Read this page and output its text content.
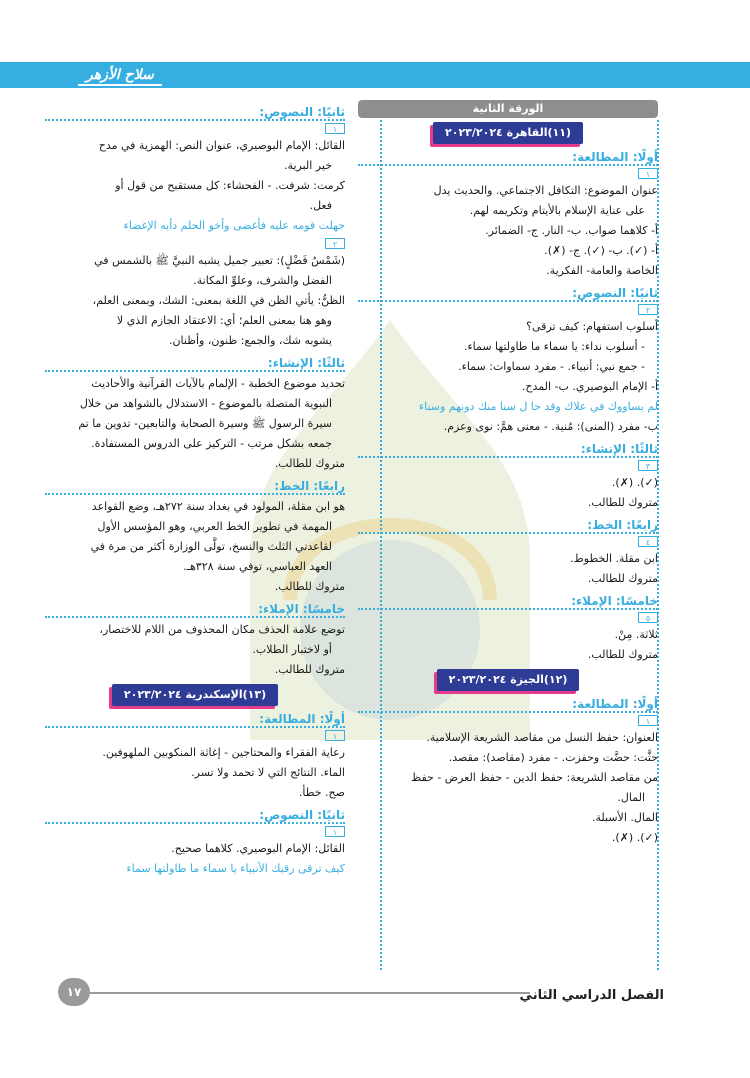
سلاح الأزهر
الورقة الثانية
(١١)القاهرة ٢٠٢٣/٢٠٢٤
أولًا: المطالعة:
١
عنوان الموضوع: التكافل الاجتماعي. والحديث يدل
على عناية الإسلام بالأيتام وتكريمه لهم.
أ- كلاهما صواب. ب- النار. ج- الضمائر.
أ- (✓). ب- (✓). ج- (✗).
الخاصة والعامة- الفكرية.
ثانيًا: النصوص:
٢
أسلوب استفهام: كيف ترقى؟
- أسلوب نداء: يا سماء ما طاولتها سماء.
- جمع نبي: أنبياء. - مفرد سماوات: سماء.
أ- الإمام البوصيري. ب- المدح.
لم يساووك في علاك وقد حا ل سنا منك دونهم وسناء
ب- مفرد (المنى): مُنية. - معنى همَّ: نوى وعزم.
ثالثًا: الإنشاء:
٣
(✓). (✗).
متروك للطالب.
رابعًا: الخط:
٤
ابن مقلة. الخطوط.
متروك للطالب.
خامسًا: الإملاء:
٥
ثلاثة. مِنْ.
متروك للطالب.
(١٢)الجيزة ٢٠٢٣/٢٠٢٤
أولًا: المطالعة:
١
العنوان: حفظ النسل من مقاصد الشريعة الإسلامية.
حثَّت: حضَّت وحفزت. - مفرد (مقاصد): مقصد.
من مقاصد الشريعة: حفظ الدين - حفظ العرض - حفظ
المال.
المال. الأسبلة.
(✓). (✗).
ثانيًا: النصوص:
١
القائل: الإمام البوصيري، عنوان النص: الهمزية في مدح
خير البرية.
كرمت: شرفت. - الفحشاء: كل مستقبح من قول أو
فعل.
جهلت قومه عليه فأغضى وأخو الحلم دأبه الإغضاء
٢
(شَمْسُ فَضْلٍ): تعبير جميل يشبه النبيَّ ﷺ بالشمس في
الفضل والشرف، وعلوِّ المكانة.
الظنُّ: يأتي الظن في اللغة بمعنى: الشك، وبمعنى العلم،
وهو هنا بمعنى العلم؛ أي: الاعتقاد الجازم الذي لا
يشوبه شك، والجمع: ظنون، وأظنان.
ثالثًا: الإنشاء:
تحديد موضوع الخطبة - الإلمام بالآيات القرآنية والأحاديث
النبوية المتصلة بالموضوع - الاستدلال بالشواهد من خلال
سيرة الرسول ﷺ وسيرة الصحابة والتابعين- تدوين ما تم
جمعه بشكل مرتب - التركيز على الدروس المستفادة.
متروك للطالب.
رابعًا: الخط:
هو ابن مقلة، المولود في بغداد سنة ٢٧٢هـ، وضع القواعد
المهمة في تطوير الخط العربي، وهو المؤسس الأول
لقاعدتي الثلث والنسخ، تولَّى الوزارة أكثر من مرة في
العهد العباسي، توفي سنة ٣٢٨هـ.
متروك للطالب.
خامسًا: الإملاء:
توضع علامة الحذف مكان المحذوف من اللام للاختصار،
أو لاختبار الطلاب.
متروك للطالب.
(١٣)الإسكندرية ٢٠٢٣/٢٠٢٤
أولًا: المطالعة:
١
رعاية الفقراء والمحتاجين - إغاثة المنكوبين الملهوفين.
الماء. النتائج التي لا تحمد ولا تسر.
صح. خطأ.
ثانيًا: النصوص:
١
القائل: الإمام البوصيري. كلاهما صحيح.
كيف ترقى رقيك الأنبياء يا سماء ما طاولتها سماء
١٧	الفصل الدراسي الثاني
